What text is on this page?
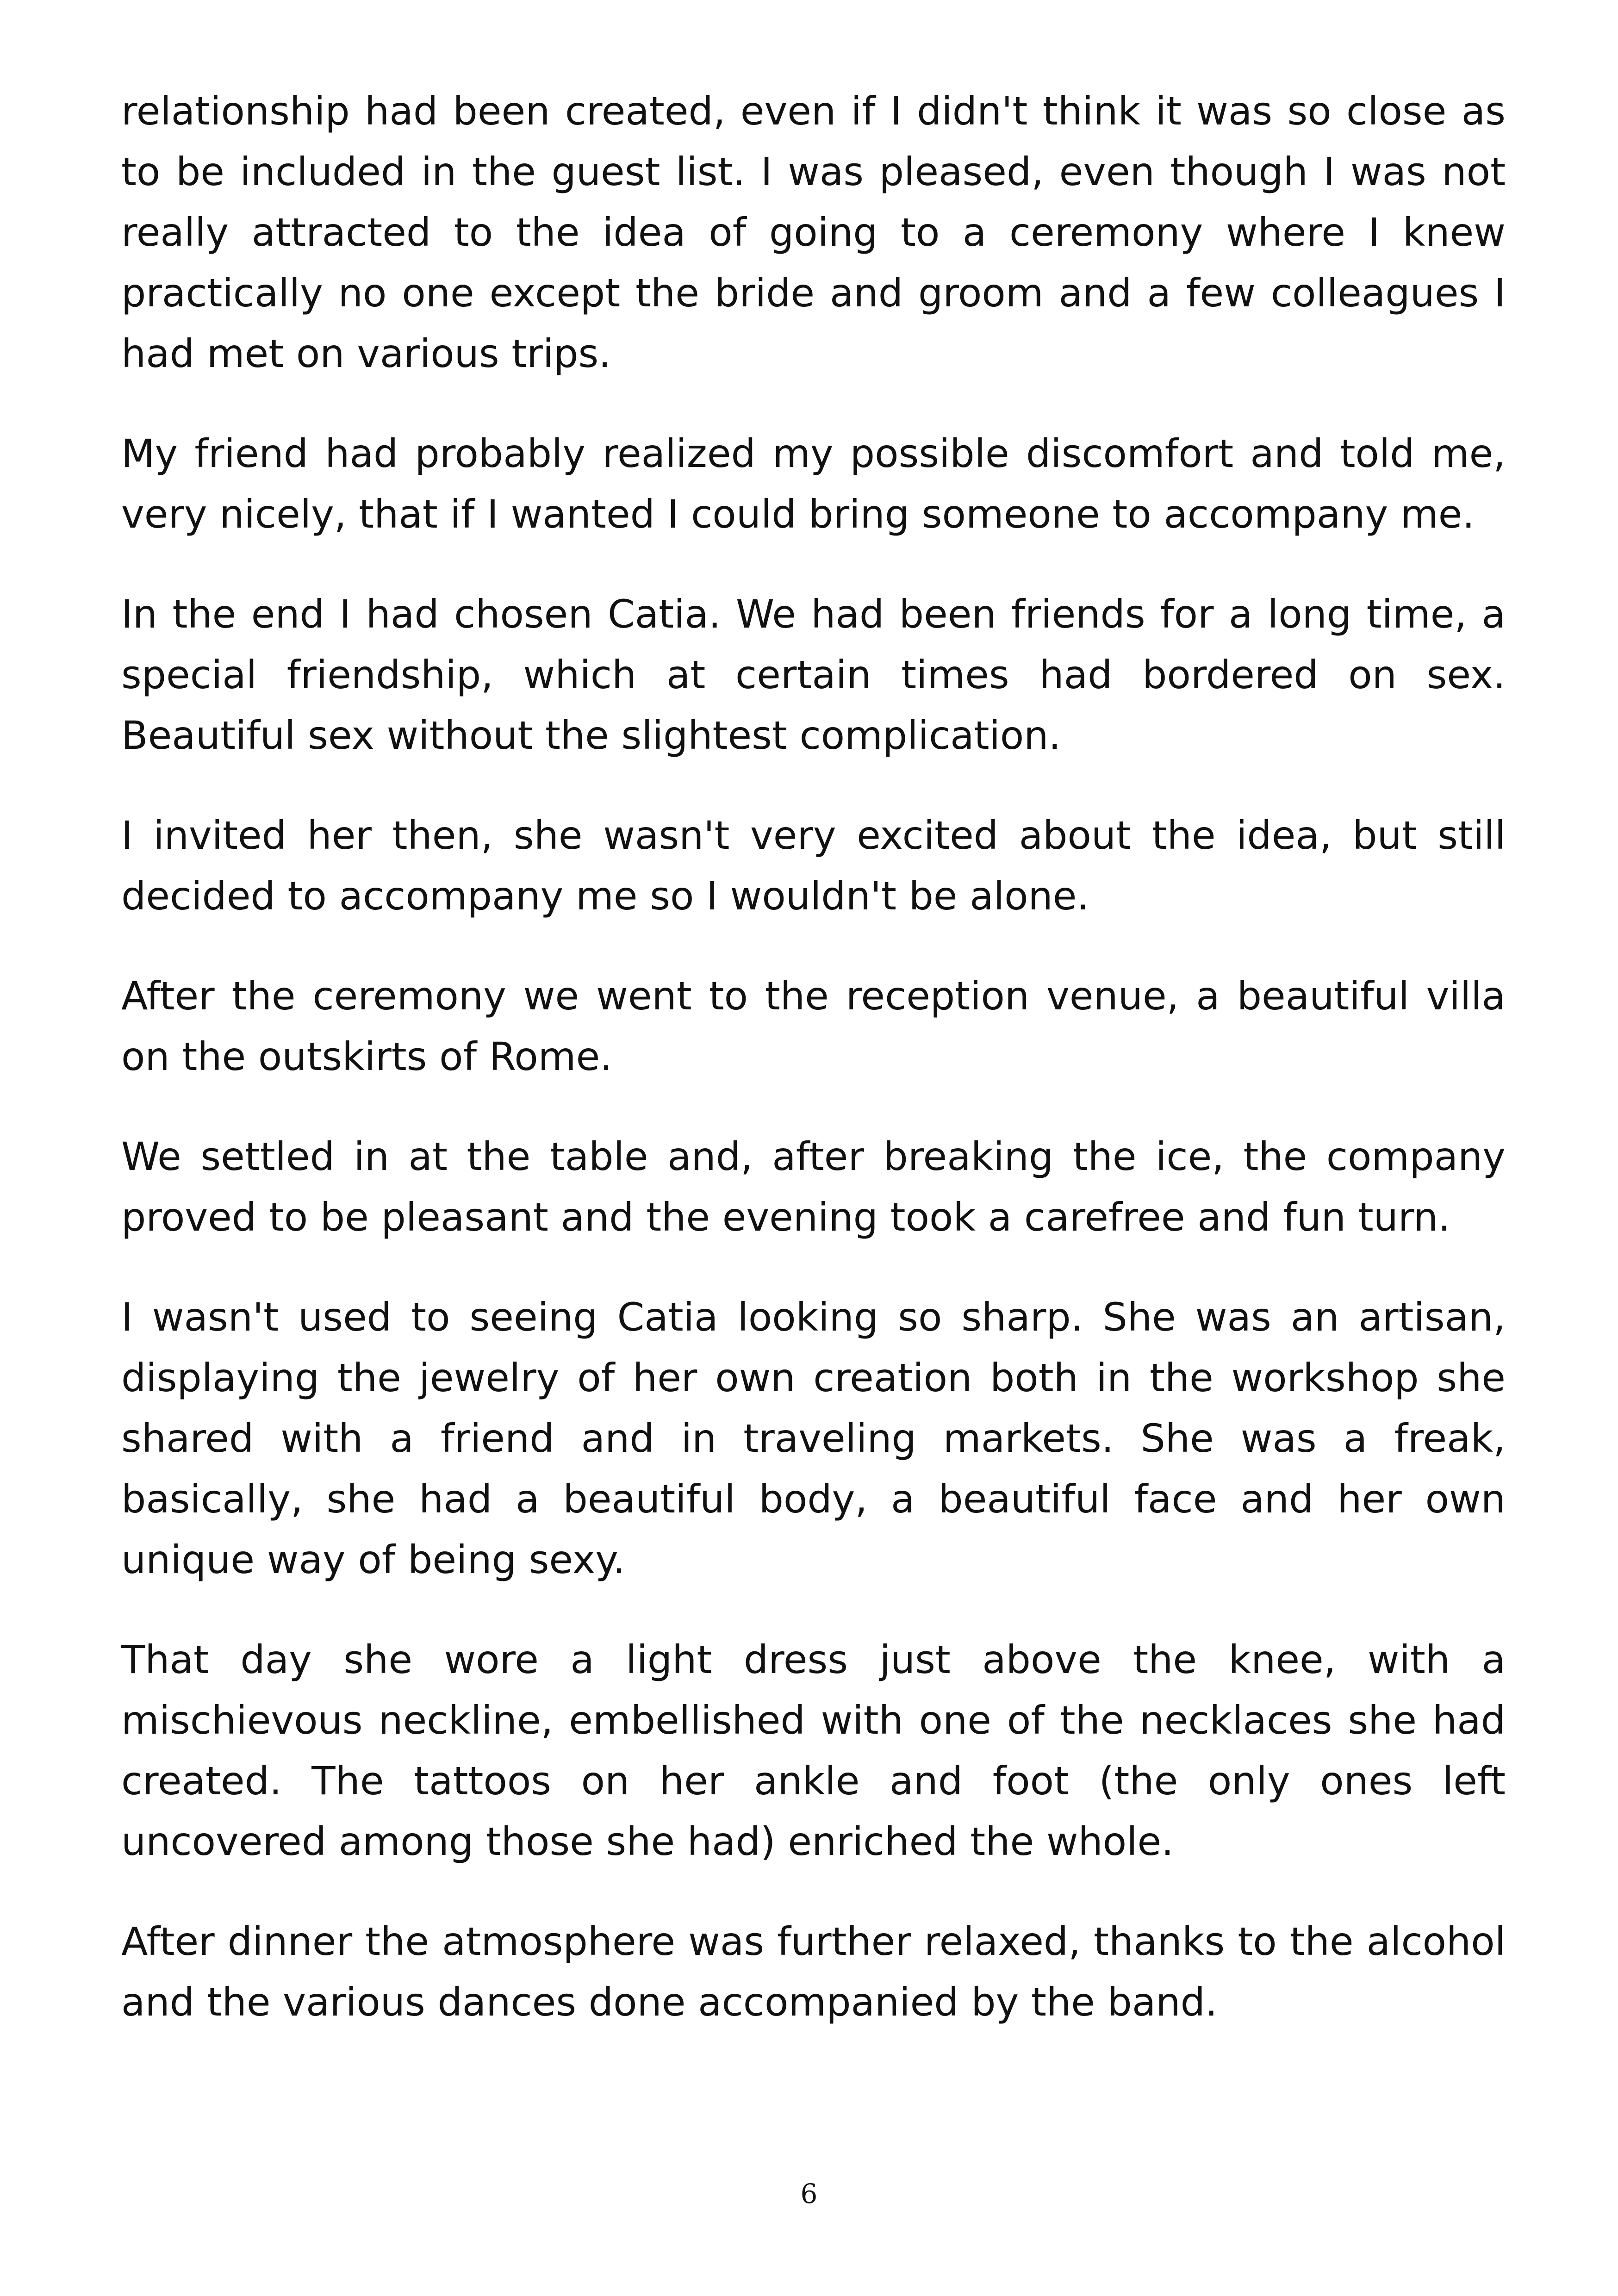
relationship had been created, even if I didn't think it was so close as to be included in the guest list. I was pleased, even though I was not really attracted to the idea of going to a ceremony where I knew practically no one except the bride and groom and a few colleagues I had met on various trips.

My friend had probably realized my possible discomfort and told me, very nicely, that if I wanted I could bring someone to accompany me.

In the end I had chosen Catia. We had been friends for a long time, a special friendship, which at certain times had bordered on sex. Beautiful sex without the slightest complication.

I invited her then, she wasn't very excited about the idea, but still decided to accompany me so I wouldn't be alone.

After the ceremony we went to the reception venue, a beautiful villa on the outskirts of Rome.

We settled in at the table and, after breaking the ice, the company proved to be pleasant and the evening took a carefree and fun turn.

I wasn't used to seeing Catia looking so sharp. She was an artisan, displaying the jewelry of her own creation both in the workshop she shared with a friend and in traveling markets. She was a freak, basically, she had a beautiful body, a beautiful face and her own unique way of being sexy.

That day she wore a light dress just above the knee, with a mischievous neckline, embellished with one of the necklaces she had created. The tattoos on her ankle and foot (the only ones left uncovered among those she had) enriched the whole.

After dinner the atmosphere was further relaxed, thanks to the alcohol and the various dances done accompanied by the band.

6
